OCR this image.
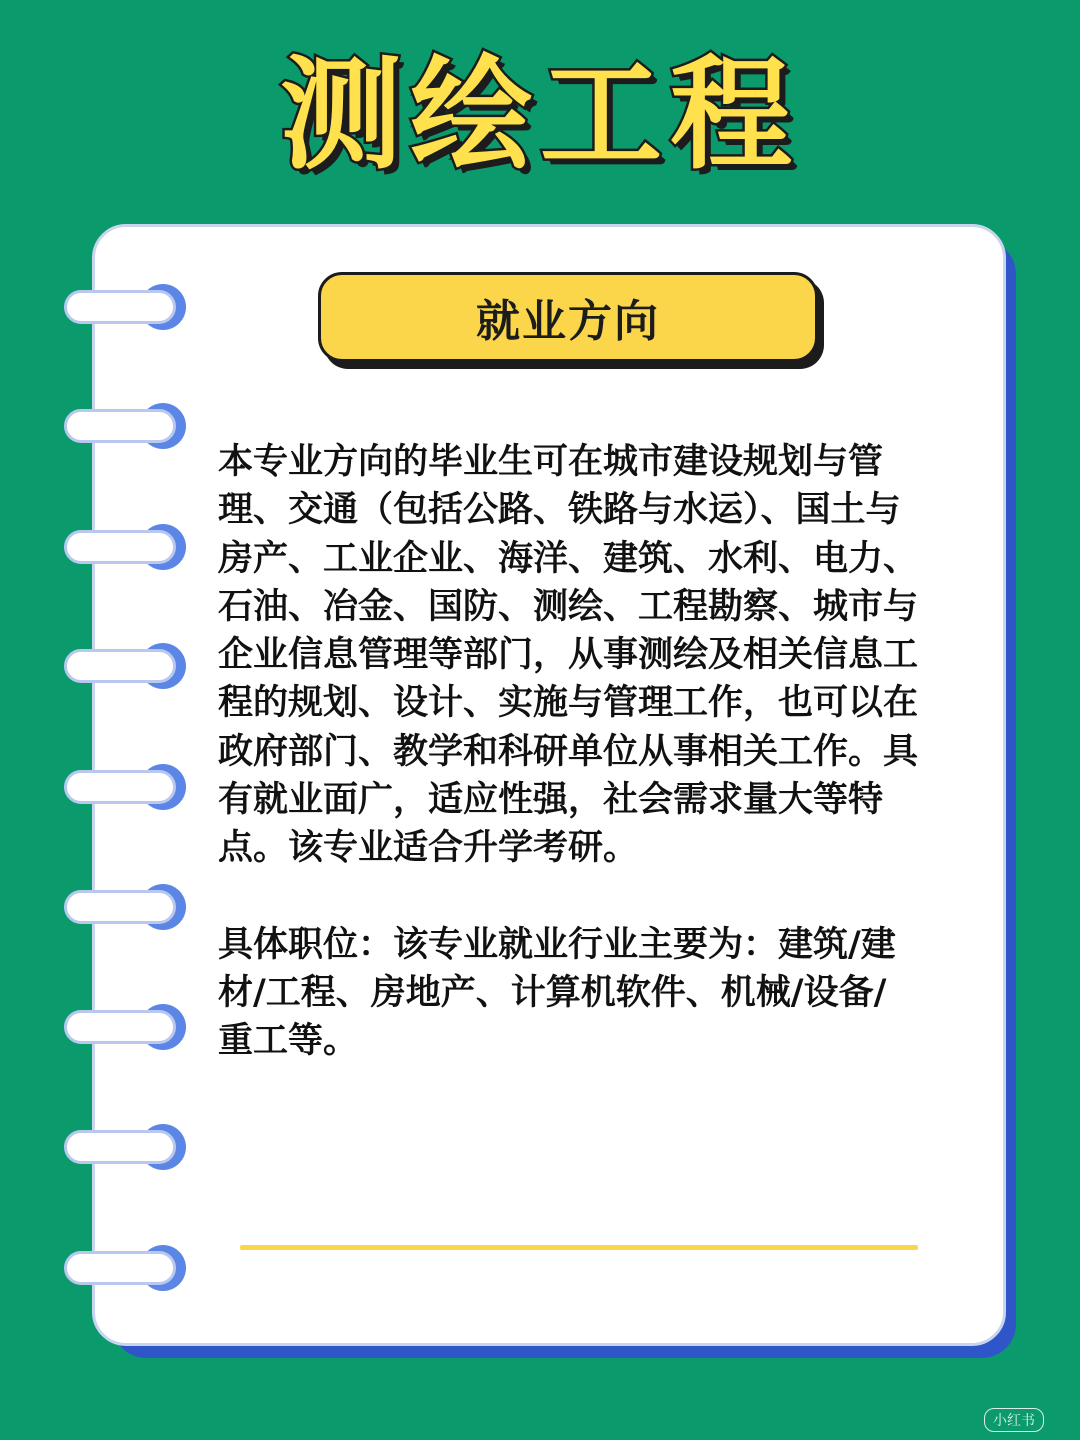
测绘工程
就业方向

本专业方向的毕业生可在城市建设规划与管理、交通（包括公路、铁路与水运）、国土与房产、工业企业、海洋、建筑、水利、电力、石油、冶金、国防、测绘、工程勘察、城市与企业信息管理等部门，从事测绘及相关信息工程的规划、设计、实施与管理工作，也可以在政府部门、教学和科研单位从事相关工作。具有就业面广，适应性强，社会需求量大等特点。该专业适合升学考研。

具体职位：该专业就业行业主要为：建筑/建材/工程、房地产、计算机软件、机械/设备/重工等。

小红书
